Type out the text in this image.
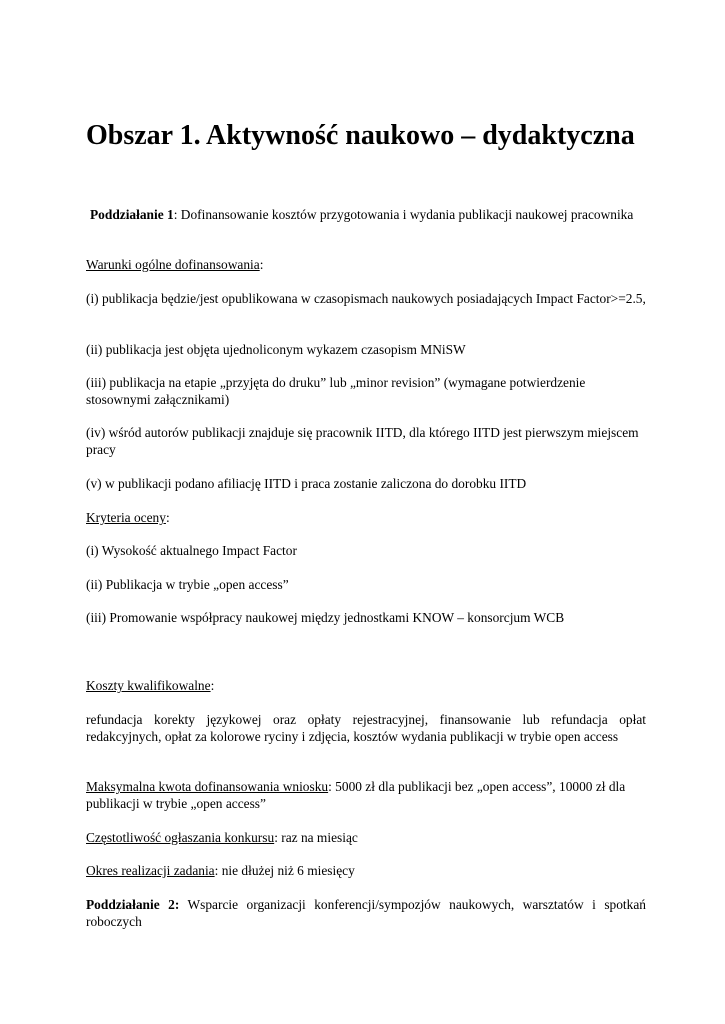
Obszar 1. Aktywność naukowo – dydaktyczna

Poddziałanie 1: Dofinansowanie kosztów przygotowania i wydania publikacji naukowej pracownika

Warunki ogólne dofinansowania:

(i) publikacja będzie/jest opublikowana w czasopismach naukowych posiadających Impact Factor>=2.5,

(ii) publikacja jest objęta ujednoliconym wykazem czasopism MNiSW

(iii) publikacja na etapie „przyjęta do druku” lub „minor revision” (wymagane potwierdzenie stosownymi załącznikami)

(iv) wśród autorów publikacji znajduje się pracownik IITD, dla którego IITD jest pierwszym miejscem pracy

(v) w publikacji podano afiliację IITD i praca zostanie zaliczona do dorobku IITD

Kryteria oceny:

(i) Wysokość aktualnego Impact Factor

(ii) Publikacja w trybie „open access”

(iii) Promowanie współpracy naukowej między jednostkami KNOW – konsorcjum WCB

Koszty kwalifikowalne:

refundacja korekty językowej oraz opłaty rejestracyjnej, finansowanie lub refundacja opłat redakcyjnych, opłat za kolorowe ryciny i zdjęcia, kosztów wydania publikacji w trybie open access

Maksymalna kwota dofinansowania wniosku: 5000 zł dla publikacji bez „open access”, 10000 zł dla publikacji w trybie „open access”

Częstotliwość ogłaszania konkursu: raz na miesiąc

Okres realizacji zadania: nie dłużej niż 6 miesięcy

Poddziałanie 2: Wsparcie organizacji konferencji/sympozjów naukowych, warsztatów i spotkań roboczych
